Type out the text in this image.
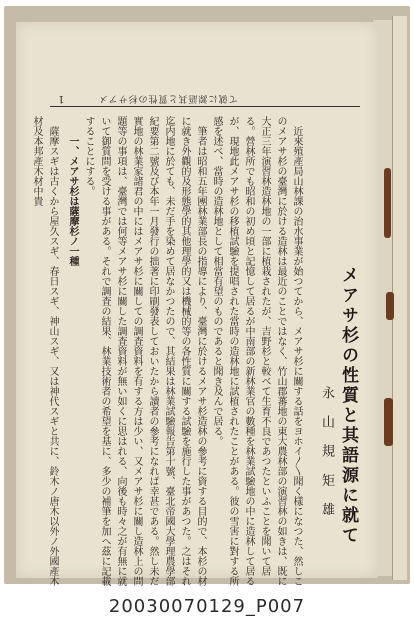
1	て就に源語其と質性の杉サアメ
メアサ杉の性質と其語源に就て
永 山 規 矩 雄

近來殖產局山林課の治水事業が始つてから、メアサ杉に關する話をヨホイ〳〵聞く樣になつた、然しこのメアサ杉の臺灣に於ける造林は最近のことではなく、竹山郡蕃地の東大農林部の演習林の如きは、既に大正三年演習林造林地の一部に植栽されたが、吉野杉と較べて生育不良であつたといふことを聞いて居る。營林所でも昭和の初め頃と記憶して居るが中南部の新林業官の數種を林業試驗地の中に造林して居るが、現地此メアサ杉の移植試驗を提唱された當時の造林地に試植されたことがある。彼の雪害に對する所感を述べ、當時の造林地として相當有望のものであると聞き及んで居る。

筆者は昭和五年團林業部長の指導により、臺灣に於けるメアサ杉造林の參考に資する目的で、本杉の材に就き外觀的及形態學的其他理學的又は機械的等の各性質に關する試驗を施行した事があつた。之はそれ迄内地に於ても、未だ手を染めて居なかつたので、其結果は林業試驗報告第十號、臺北帝國大學理農學部紀要第二號及び本年一月發行の拙著に印刷發表しておいたから讀者の參考になれば幸甚である。然し未だ實地の林業家諸君の中にはメアサ杉に關しての調査資料を有する方は少い、又メアサ杉に關し造林上の問題等の事項は、臺灣では何等メアサ杉に關した調査資料が無い如くに思はれる、向後も時々之が有無に就いて御質問を受ける事がある。それで調査の結果、林業技術者の希望を基に、多少の補筆を加へ茲に記載することにする。

一、メアサ杉は薩摩杉ノ一種

薩摩スギは古くから屋久スギ、春日スギ、神山スギ、又は神代スギと共に、鈴木ノ唐木以外ノ外國產木材及本邦產木材中貴

20030070129_P007
